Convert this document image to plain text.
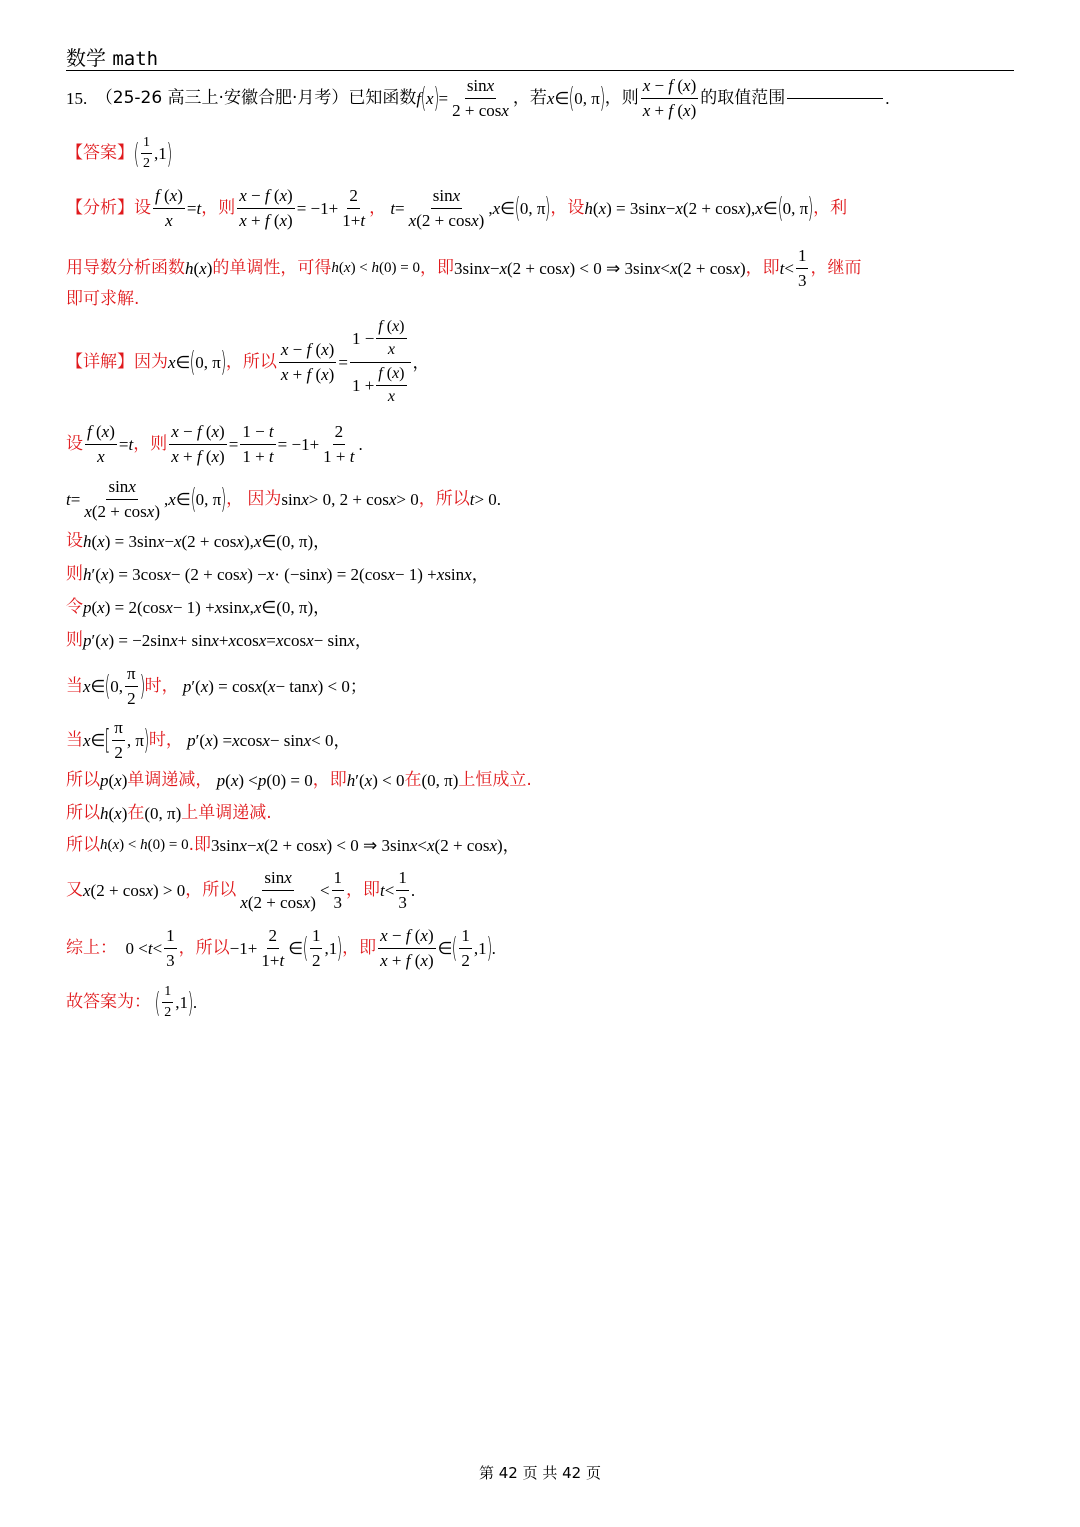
数学 math
15.
（25-26 高三上·安徽合肥·月考）已知函数 f ( x ) = $\frac{\sin x}{2 + \cos x}$ ， 若 x ∈ ( 0, π ) ， 则 $\frac{x - f (x)}{x + f (x)}$ 的取值范围	.
【答案】 ( $\frac{1}{2} ,1$ )
【分析】 设 $\frac{f (x)}{x} = t$ ， 则 $\frac{x - f (x)}{x + f (x)} = -1+ \frac{2}{1+t}$ ，
$t = \frac{\sin x}{x(2 + \cos x)}$ , x ∈ ( 0, π ) ， 设 h ( x ) = 3sin x − x (2 + cos x ), x ∈ ( 0, π ) ， 利
用导数分析函数 h ( x ) 的单调性，可得 h(x) < h(0) = 0 ， 即 3sin x − x (2 + cos x ) < 0 ⇒ 3sin x < x (2 + cos x ) ， 即 $t < \frac{1}{3}$ ， 继而
即可求解.
【详解】 因为 x ∈ ( 0, π ) ， 所以 $\frac{x - f (x)}{x + f (x)} = \frac{1 - \frac{f (x)}{x}}{1 + \frac{f (x)}{x}}$ ，
设 $\frac{f (x)}{x} = t$ ， 则 $\frac{x - f (x)}{x + f (x)} = \frac{1 - t}{1 + t} = -1+ \frac{2}{1 + t}$ .
$t = \frac{\sin x}{x(2 + \cos x)}$ , x ∈ ( 0, π ) ，
因为 sin x > 0, 2 + cos x > 0 ， 所以 t > 0.
设 h ( x ) = 3sin x − x (2 + cos x ), x ∈(0, π)，
则 h ′( x ) = 3cos x − (2 + cos x ) − x · (−sin x ) = 2(cos x − 1) + x sin x ，
令 p ( x ) = 2(cos x − 1) + x sin x , x ∈(0, π)，
则 p ′( x ) = −2sin x + sin x + x cos x = x cos x − sin x ，
当 x ∈ ( 0, $\frac{\pi}{2}$ ) 时，
p ′( x ) = cos x ( x − tan x ) < 0；
当 x ∈ [ $\frac{\pi}{2}$ , π ) 时，
p ′( x ) = x cos x − sin x < 0，
所以 p ( x ) 单调递减，
p ( x ) < p (0) = 0 ， 即 h ′( x ) < 0 在 (0, π) 上恒成立.
所以 h ( x ) 在 (0, π) 上单调递减.
所以 h(x) < h(0) = 0 .即 3sin x − x (2 + cos x ) < 0 ⇒ 3sin x < x (2 + cos x )，
又 x (2 + cos x ) > 0 ， 所以 $\frac{\sin x}{x(2 + \cos x)} < \frac{1}{3}$ ， 即 $t < \frac{1}{3}$ .
综上： $0 < t < \frac{1}{3}$ ， 所以 $-1+ \frac{2}{1+t}$ ∈ ( $\frac{1}{2} ,1$ ) ， 即 $\frac{x - f (x)}{x + f (x)}$ ∈ ( $\frac{1}{2} ,1$ ) .
故答案为：
( $\frac{1}{2} ,1$ ) .
第 42 页 共 42 页
